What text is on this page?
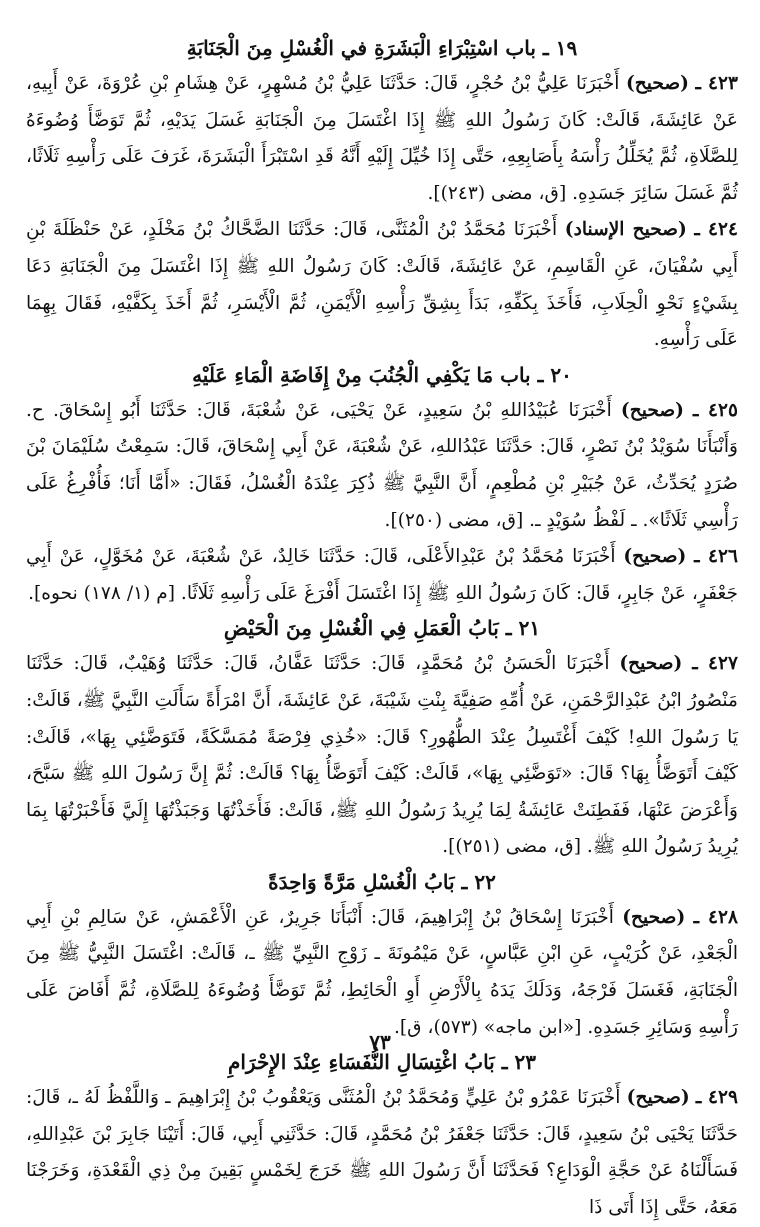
١٩ ـ باب اسْتِبْرَاءِ الْبَشَرَةِ في الْغُسْلِ مِنَ الْجَنَابَةِ

٤٢٣ ـ (صحيح) أَخْبَرَنَا عَلِيُّ بْنُ حُجْرٍ، قَالَ: حَدَّثَنَا عَلِيُّ بْنُ مُسْهِرٍ، عَنْ هِشَامِ بْنِ عُرْوَةَ، عَنْ أَبِيهِ، عَنْ عَائِشَةَ، قَالَتْ: كَانَ رَسُولُ اللهِ ﷺ إِذَا اغْتَسَلَ مِنَ الْجَنَابَةِ غَسَلَ يَدَيْهِ، ثُمَّ تَوَضَّأَ وُضُوءَهُ لِلصَّلَاةِ، ثُمَّ يُخَلِّلُ رَأْسَهُ بِأَصَابِعِهِ، حَتَّى إِذَا خُيِّلَ إِلَيْهِ أَنَّهُ قَدِ اسْتَبْرَأَ الْبَشَرَةَ، غَرَفَ عَلَى رَأْسِهِ ثَلَاثًا، ثُمَّ غَسَلَ سَائِرَ جَسَدِهِ. [ق، مضى (٢٤٣)].

٤٢٤ ـ (صحيح الإسناد) أَخْبَرَنَا مُحَمَّدُ بْنُ الْمُثَنَّى، قَالَ: حَدَّثَنَا الضَّحَّاكُ بْنُ مَخْلَدٍ، عَنْ حَنْظَلَةَ بْنِ أَبِي سُفْيَانَ، عَنِ الْقَاسِمِ، عَنْ عَائِشَةَ، قَالَتْ: كَانَ رَسُولُ اللهِ ﷺ إِذَا اغْتَسَلَ مِنَ الْجَنَابَةِ دَعَا بِشَيْءٍ نَحْوِ الْحِلَابِ، فَأَخَذَ بِكَفِّهِ، بَدَأَ بِشِقِّ رَأْسِهِ الْأَيْمَنِ، ثُمَّ الْأَيْسَرِ، ثُمَّ أَخَذَ بِكَفَّيْهِ، فَقَالَ بِهِمَا عَلَى رَأْسِهِ.

٢٠ ـ باب مَا يَكْفِي الْجُنُبَ مِنْ إِفَاضَةِ الْمَاءِ عَلَيْهِ

٤٢٥ ـ (صحيح) أَخْبَرَنَا عُبَيْدُاللهِ بْنُ سَعِيدٍ، عَنْ يَحْيَى، عَنْ شُعْبَةَ، قَالَ: حَدَّثَنَا أَبُو إِسْحَاقَ. ح. وَأَنْبَأَنَا سُوَيْدُ بْنُ نَصْرٍ، قَالَ: حَدَّثَنَا عَبْدُاللهِ، عَنْ شُعْبَةَ، عَنْ أَبِي إِسْحَاقَ، قَالَ: سَمِعْتُ سُلَيْمَانَ بْنَ صُرَدٍ يُحَدِّثُ، عَنْ جُبَيْرِ بْنِ مُطْعِمٍ، أَنَّ النَّبِيَّ ﷺ ذُكِرَ عِنْدَهُ الْغُسْلُ، فَقَالَ: «أَمَّا أَنَا؛ فَأُفْرِغُ عَلَى رَأْسِي ثَلَاثًا». ـ لَفْظُ سُوَيْدٍ ـ. [ق، مضى (٢٥٠)].

٤٢٦ ـ (صحيح) أَخْبَرَنَا مُحَمَّدُ بْنُ عَبْدِالأَعْلَى، قَالَ: حَدَّثَنَا خَالِدٌ، عَنْ شُعْبَةَ، عَنْ مُخَوَّلٍ، عَنْ أَبِي جَعْفَرٍ، عَنْ جَابِرٍ، قَالَ: كَانَ رَسُولُ اللهِ ﷺ إِذَا اغْتَسَلَ أَفْرَغَ عَلَى رَأْسِهِ ثَلَاثًا. [م (١/ ١٧٨) نحوه].

٢١ ـ بَابُ الْعَمَلِ فِي الْغُسْلِ مِنَ الْحَيْضِ

٤٢٧ ـ (صحيح) أَخْبَرَنَا الْحَسَنُ بْنُ مُحَمَّدٍ، قَالَ: حَدَّثَنَا عَفَّانُ، قَالَ: حَدَّثَنَا وُهَيْبٌ، قَالَ: حَدَّثَنَا مَنْصُورُ ابْنُ عَبْدِالرَّحْمَنِ، عَنْ أُمِّهِ صَفِيَّةَ بِنْتِ شَيْبَةَ، عَنْ عَائِشَةَ، أَنَّ امْرَأَةً سَأَلَتِ النَّبِيَّ ﷺ، قَالَتْ: يَا رَسُولَ اللهِ! كَيْفَ أَغْتَسِلُ عِنْدَ الطُّهُورِ؟ قَالَ: «خُذِي فِرْصَةً مُمَسَّكَةً، فَتَوَضَّئِي بِهَا»، قَالَتْ: كَيْفَ أَتَوَضَّأُ بِهَا؟ قَالَ: «تَوَضَّئِي بِهَا»، قَالَتْ: كَيْفَ أَتَوَضَّأُ بِهَا؟ قَالَتْ: ثُمَّ إِنَّ رَسُولَ اللهِ ﷺ سَبَّحَ، وَأَعْرَضَ عَنْهَا، فَفَطِنَتْ عَائِشَةُ لِمَا يُرِيدُ رَسُولُ اللهِ ﷺ، قَالَتْ: فَأَخَذْتُهَا وَجَبَذْتُهَا إِلَيَّ فَأَخْبَرْتُهَا بِمَا يُرِيدُ رَسُولُ اللهِ ﷺ. [ق، مضى (٢٥١)].

٢٢ ـ بَابُ الْغُسْلِ مَرَّةً وَاحِدَةً

٤٢٨ ـ (صحيح) أَخْبَرَنَا إِسْحَاقُ بْنُ إِبْرَاهِيمَ، قَالَ: أَنْبَأَنَا جَرِيرٌ، عَنِ الْأَعْمَشِ، عَنْ سَالِمِ بْنِ أَبِي الْجَعْدِ، عَنْ كُرَيْبٍ، عَنِ ابْنِ عَبَّاسٍ، عَنْ مَيْمُونَةَ ـ زَوْجِ النَّبِيِّ ﷺ ـ، قَالَتْ: اغْتَسَلَ النَّبِيُّ ﷺ مِنَ الْجَنَابَةِ، فَغَسَلَ فَرْجَهُ، وَدَلَكَ يَدَهُ بِالْأَرْضِ أَوِ الْحَائِطِ، ثُمَّ تَوَضَّأَ وُضُوءَهُ لِلصَّلَاةِ، ثُمَّ أَفَاضَ عَلَى رَأْسِهِ وَسَائِرِ جَسَدِهِ. [«ابن ماجه» (٥٧٣)، ق].

٢٣ ـ بَابُ اغْتِسَالِ النُّفَسَاءِ عِنْدَ الإِحْرَامِ

٤٢٩ ـ (صحيح) أَخْبَرَنَا عَمْرُو بْنُ عَلِيٍّ وَمُحَمَّدُ بْنُ الْمُثَنَّى وَيَعْقُوبُ بْنُ إِبْرَاهِيمَ ـ وَاللَّفْظُ لَهُ ـ، قَالَ: حَدَّثَنَا يَحْيَى بْنُ سَعِيدٍ، قَالَ: حَدَّثَنَا جَعْفَرُ بْنُ مُحَمَّدٍ، قَالَ: حَدَّثَنِي أَبِي، قَالَ: أَتَيْنَا جَابِرَ بْنَ عَبْدِاللهِ، فَسَأَلْنَاهُ عَنْ حَجَّةِ الْوَدَاعِ؟ فَحَدَّثَنَا أَنَّ رَسُولَ اللهِ ﷺ خَرَجَ لِخَمْسٍ بَقِينَ مِنْ ذِي الْقَعْدَةِ، وَخَرَجْنَا مَعَهُ، حَتَّى إِذَا أَتَى ذَا

٧٣
